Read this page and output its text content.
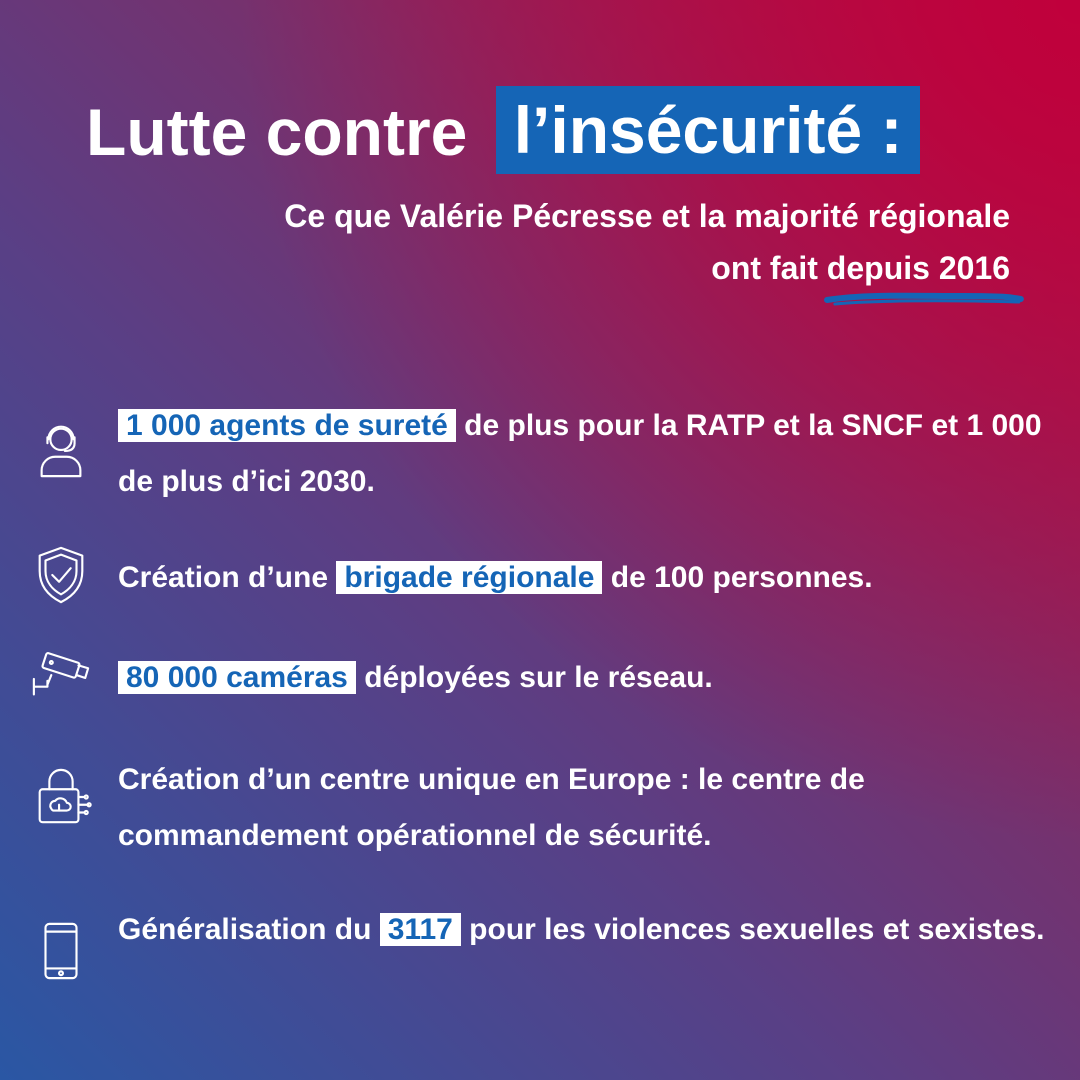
Lutte contre l’insécurité :
Ce que Valérie Pécresse et la majorité régionale
ont fait depuis 2016
1 000 agents de sureté de plus pour la RATP et la SNCF et 1 000 de plus d’ici 2030.
Création d’une brigade régionale de 100 personnes.
80 000 caméras déployées sur le réseau.
Création d’un centre unique en Europe : le centre de commandement opérationnel de sécurité.
Généralisation du 3117 pour les violences sexuelles et sexistes.
